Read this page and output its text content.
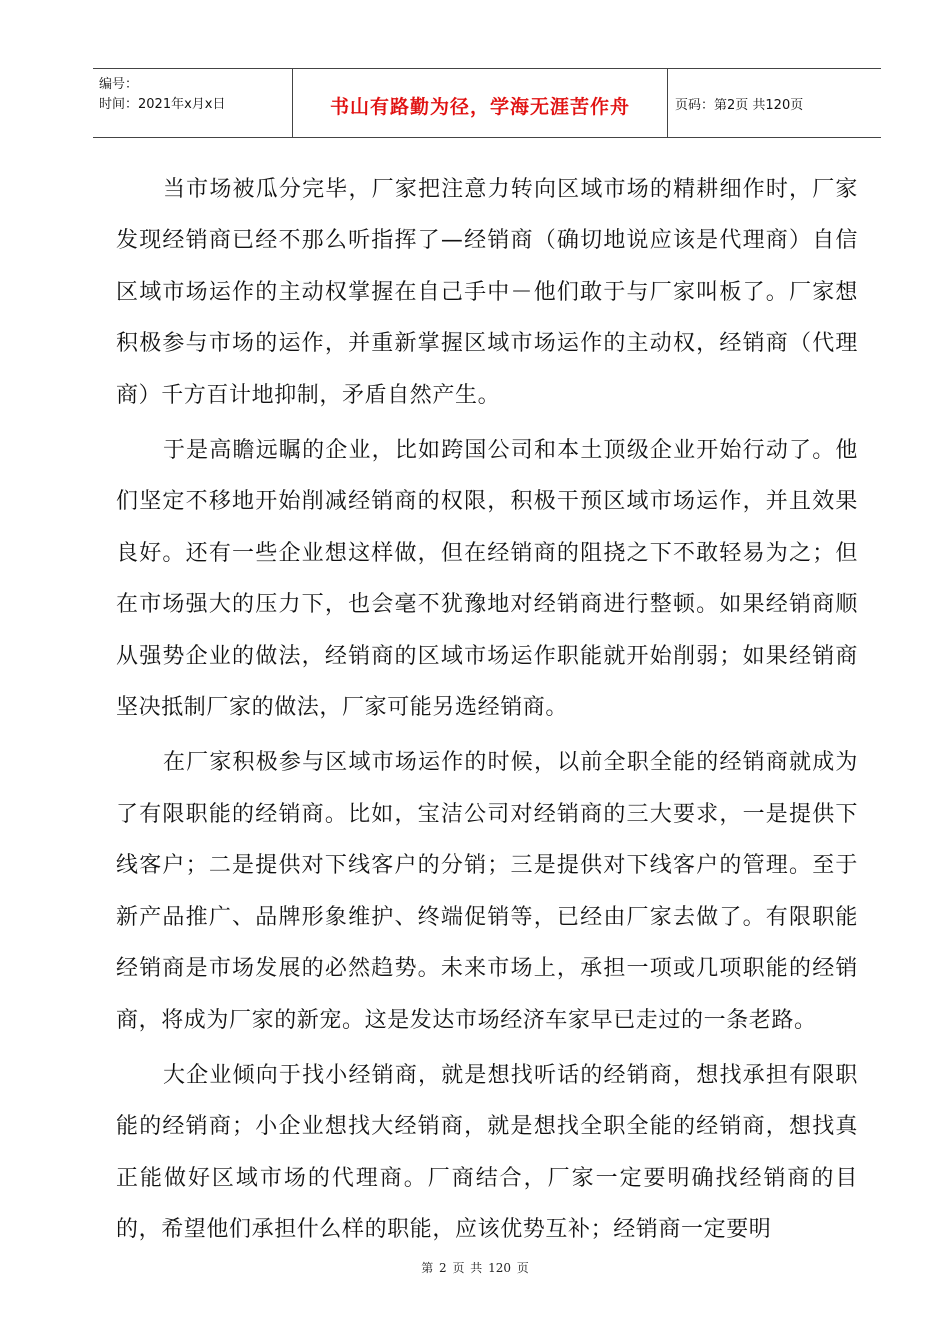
编号：
时间：2021年x月x日	书山有路勤为径，学海无涯苦作舟	页码：第2页 共120页

当市场被瓜分完毕，厂家把注意力转向区域市场的精耕细作时，厂家发现经销商已经不那么听指挥了—经销商（确切地说应该是代理商）自信区域市场运作的主动权掌握在自己手中－他们敢于与厂家叫板了。厂家想积极参与市场的运作，并重新掌握区域市场运作的主动权，经销商（代理商）千方百计地抑制，矛盾自然产生。

于是高瞻远瞩的企业，比如跨国公司和本土顶级企业开始行动了。他们坚定不移地开始削减经销商的权限，积极干预区域市场运作，并且效果良好。还有一些企业想这样做，但在经销商的阻挠之下不敢轻易为之；但在市场强大的压力下，也会毫不犹豫地对经销商进行整顿。如果经销商顺从强势企业的做法，经销商的区域市场运作职能就开始削弱；如果经销商坚决抵制厂家的做法，厂家可能另选经销商。

在厂家积极参与区域市场运作的时候，以前全职全能的经销商就成为了有限职能的经销商。比如，宝洁公司对经销商的三大要求，一是提供下线客户；二是提供对下线客户的分销；三是提供对下线客户的管理。至于新产品推广、品牌形象维护、终端促销等，已经由厂家去做了。有限职能经销商是市场发展的必然趋势。未来市场上，承担一项或几项职能的经销商，将成为厂家的新宠。这是发达市场经济车家早已走过的一条老路。

大企业倾向于找小经销商，就是想找听话的经销商，想找承担有限职能的经销商；小企业想找大经销商，就是想找全职全能的经销商，想找真正能做好区域市场的代理商。厂商结合，厂家一定要明确找经销商的目的，希望他们承担什么样的职能，应该优势互补；经销商一定要明

第 2 页 共 120 页
